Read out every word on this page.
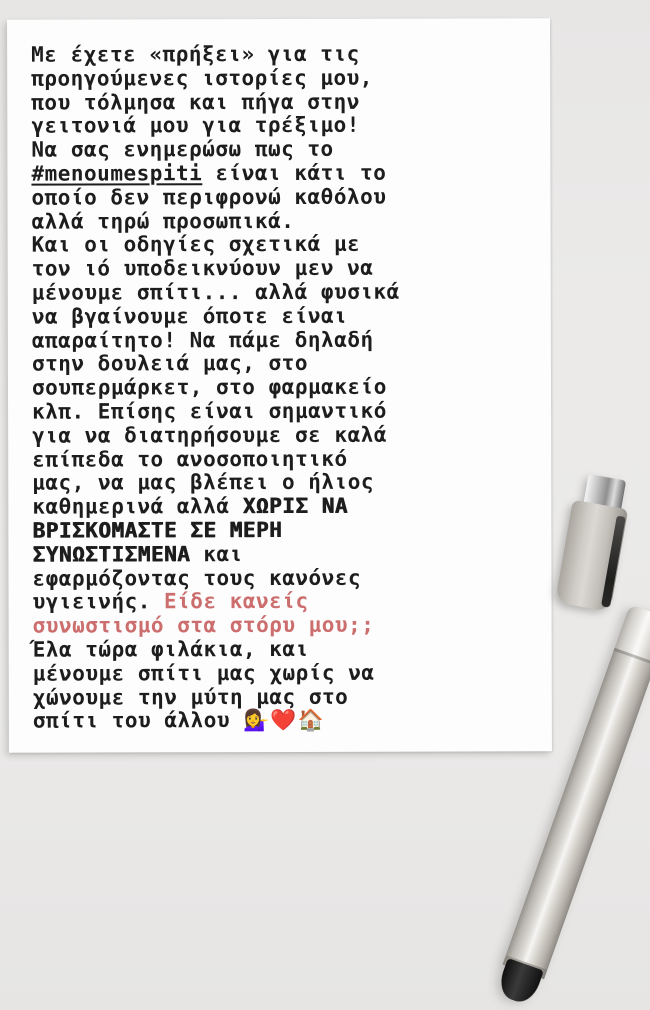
Με έχετε «πρήξει» για τις
προηγούμενες ιστορίες μου,
που τόλμησα και πήγα στην
γειτονιά μου για τρέξιμο!
Να σας ενημερώσω πως το
#menoumespiti είναι κάτι το
οποίο δεν περιφρονώ καθόλου
αλλά τηρώ προσωπικά.
Και οι οδηγίες σχετικά με
τον ιό υποδεικνύουν μεν να
μένουμε σπίτι... αλλά φυσικά
να βγαίνουμε όποτε είναι
απαραίτητο! Να πάμε δηλαδή
στην δουλειά μας, στο
σουπερμάρκετ, στο φαρμακείο
κλπ. Επίσης είναι σημαντικό
για να διατηρήσουμε σε καλά
επίπεδα το ανοσοποιητικό
μας, να μας βλέπει ο ήλιος
καθημερινά αλλά ΧΩΡΙΣ ΝΑ
ΒΡΙΣΚΟΜΑΣΤΕ ΣΕ ΜΕΡΗ
ΣΥΝΩΣΤΙΣΜΕΝΑ και
εφαρμόζοντας τους κανόνες
υγιεινής. Είδε κανείς
συνωστισμό στα στόρυ μου;;
Έλα τώρα φιλάκια, και
μένουμε σπίτι μας χωρίς να
χώνουμε την μύτη μας στο
σπίτι του άλλου 💁‍♀️❤️🏠
